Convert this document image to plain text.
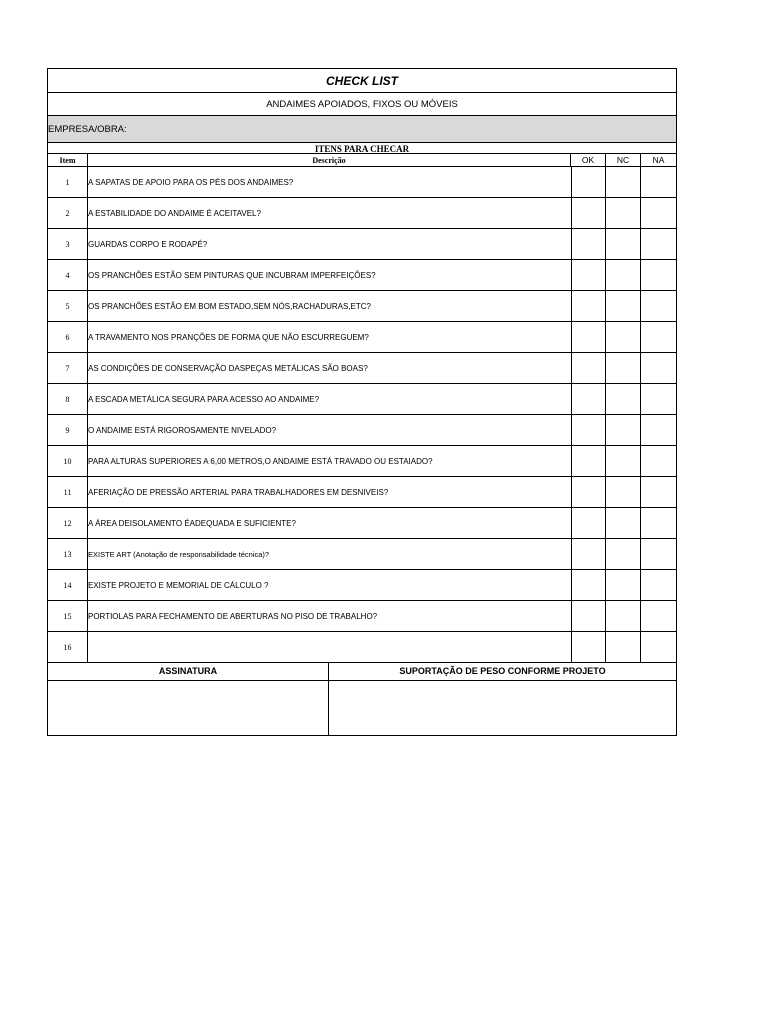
CHECK LIST
ANDAIMES APOIADOS, FIXOS OU MÓVEIS
EMPRESA/OBRA:
ITENS PARA CHECAR
Item	Descrição	OK	NC	NA
1	A SAPATAS DE APOIO PARA OS PÉS DOS ANDAIMES?
2	A ESTABILIDADE DO ANDAIME É ACEITAVEL?
3	GUARDAS CORPO E RODAPÉ?
4	OS PRANCHÕES ESTÃO SEM PINTURAS QUE INCUBRAM IMPERFEIÇÕES?
5	OS PRANCHÕES ESTÃO EM BOM ESTADO,SEM NÓS,RACHADURAS,ETC?
6	A TRAVAMENTO NOS PRANÇÕES DE FORMA QUE NÃO ESCURREGUEM?
7	AS CONDIÇÕES DE CONSERVAÇÃO DASPEÇAS METÁLICAS SÃO BOAS?
8	A ESCADA METÁLICA SEGURA PARA ACESSO AO ANDAIME?
9	O ANDAIME ESTÁ RIGOROSAMENTE NIVELADO?
10	PARA ALTURAS SUPERIORES A 6,00 METROS,O ANDAIME ESTÁ TRAVADO OU ESTAIADO?
11	AFERIAÇÃO DE PRESSÃO ARTERIAL PARA TRABALHADORES EM DESNIVEIS?
12	A ÁREA DEISOLAMENTO ÉADEQUADA E SUFICIENTE?
13	EXISTE ART (Anotação de responsabilidade técnica)?
14	EXISTE PROJETO E MEMORIAL DE CÁLCULO ?
15	PORTIOLAS PARA FECHAMENTO DE ABERTURAS NO PISO DE TRABALHO?
16
ASSINATURA	SUPORTAÇÃO DE PESO CONFORME PROJETO
